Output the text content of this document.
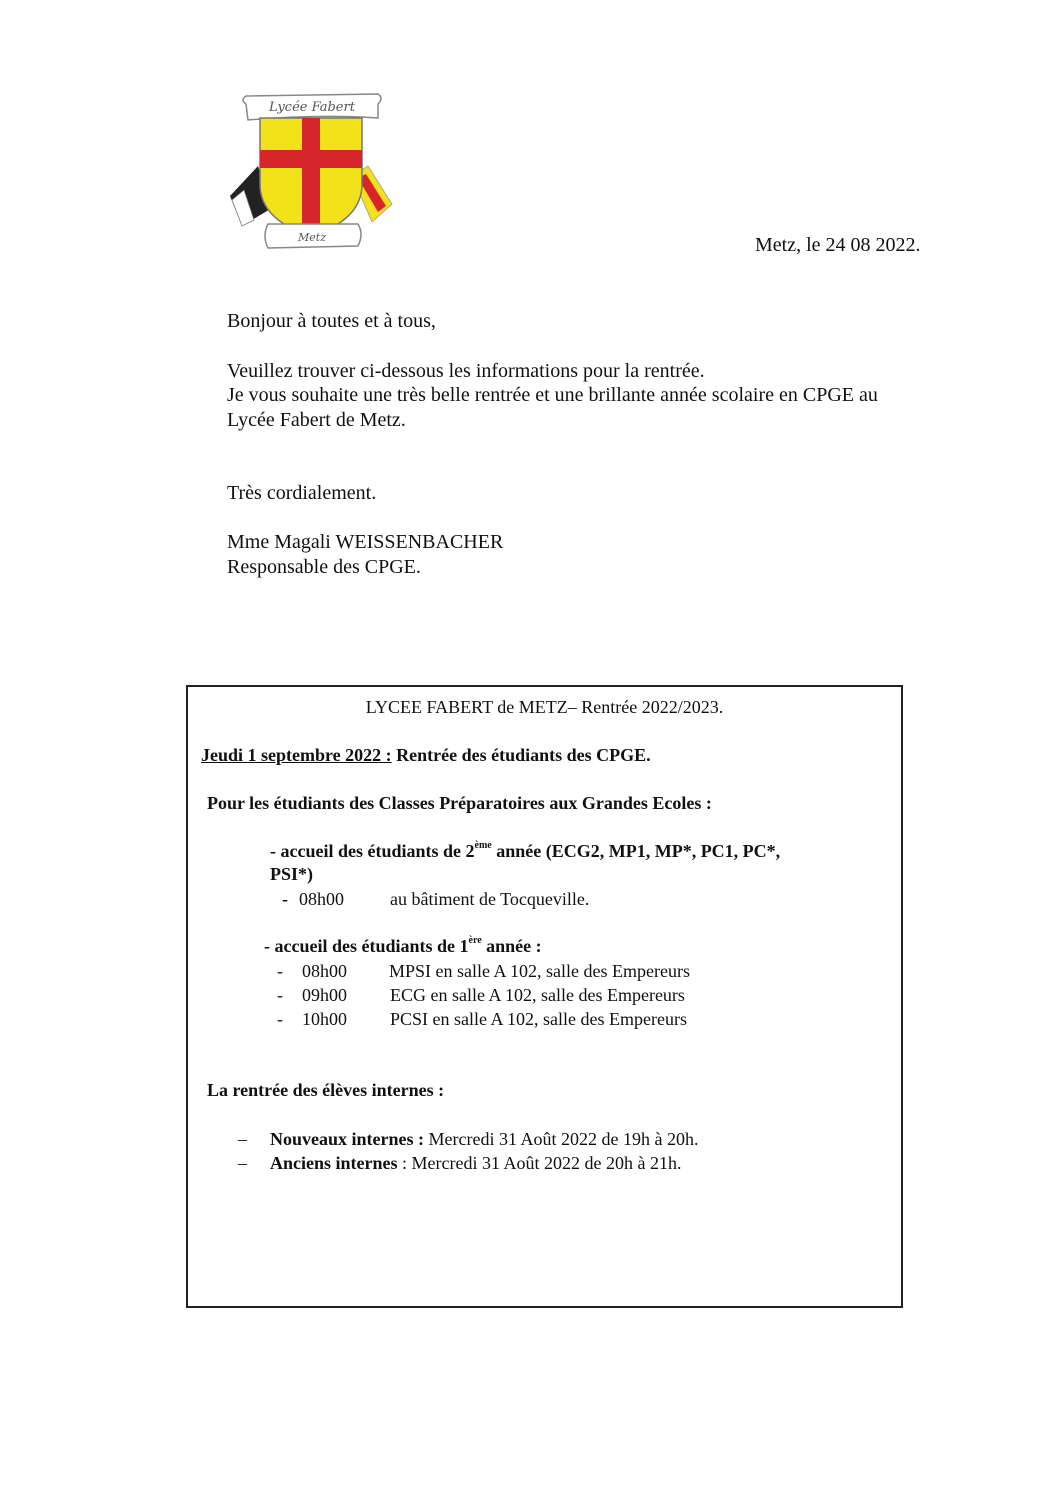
Lycée Fabert
Metz	Metz, le 24 08 2022.
Bonjour à toutes et à tous,
Veuillez trouver ci-dessous les informations pour la rentrée.
Je vous souhaite une très belle rentrée et une brillante année scolaire en CPGE au
Lycée Fabert de Metz.
Très cordialement.
Mme Magali WEISSENBACHER
Responsable des CPGE.
LYCEE FABERT de METZ– Rentrée 2022/2023.
Jeudi 1 septembre 2022 : Rentrée des étudiants des CPGE.
Pour les étudiants des Classes Préparatoires aux Grandes Ecoles :
- accueil des étudiants de 2ème année (ECG2, MP1, MP*, PC1, PC*,
PSI*)
- 08h00	au bâtiment de Tocqueville.
- accueil des étudiants de 1ère année :
- 08h00 MPSI en salle A 102, salle des Empereurs
- 09h00 ECG en salle A 102, salle des Empereurs
- 10h00 PCSI en salle A 102, salle des Empereurs
La rentrée des élèves internes :
– Nouveaux internes : Mercredi 31 Août 2022 de 19h à 20h.
– Anciens internes : Mercredi 31 Août 2022 de 20h à 21h.
